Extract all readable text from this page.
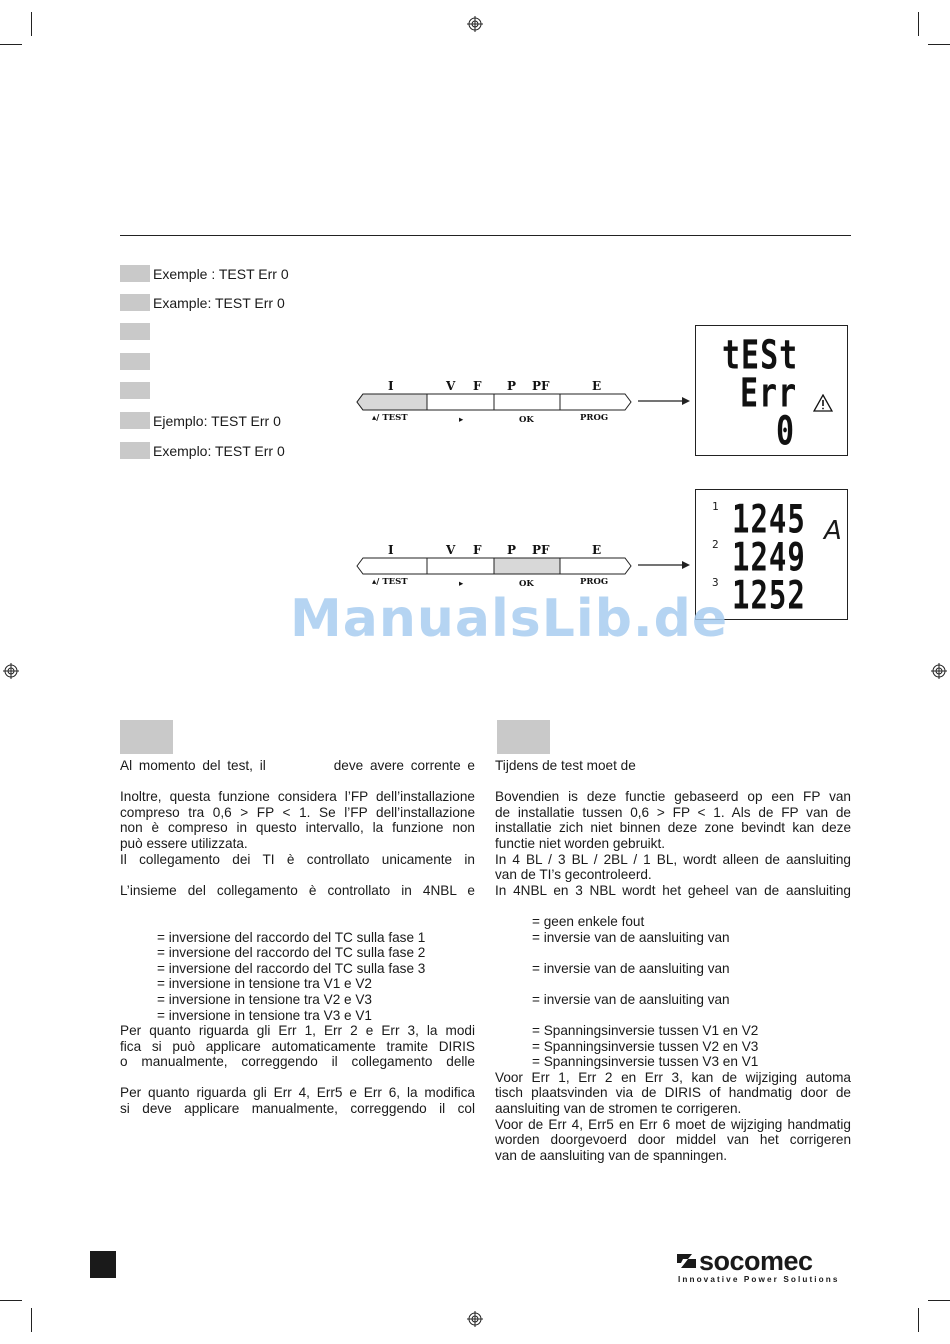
Exemple : TEST Err 0
Example: TEST Err 0
Ejemplo: TEST Err 0
Exemplo: TEST Err 0
I	V F P PF	E
▴/ TEST	▸	OK	PROG
tESt
Err
0
I	V F P PF	E
▴/ TEST	▸	OK	PROG
1 1245
2 1249
3 1252
A
ManualsLib.de

Al momento del test, il          deve avere corrente e

Inoltre, questa funzione considera l’FP dell’installazione

compreso tra 0,6 > FP < 1. Se l’FP dell’installazione

non è compreso in questo intervallo, la funzione non

può essere utilizzata.

Il collegamento dei TI è controllato unicamente in

L’insieme del collegamento è controllato in 4NBL e

= inversione del raccordo del TC sulla fase 1

= inversione del raccordo del TC sulla fase 2

= inversione del raccordo del TC sulla fase 3

= inversione in tensione tra V1 e V2

= inversione in tensione tra V2 e V3

= inversione in tensione tra V3 e V1

Per quanto riguarda gli Err 1, Err 2 e Err 3, la modi

fica si può applicare automaticamente tramite DIRIS

o manualmente, correggendo il collegamento delle

Per quanto riguarda gli Err 4, Err5 e Err 6, la modifica

si deve applicare manualmente, correggendo il col

Tijdens de test moet de

Bovendien is deze functie gebaseerd op een FP van

de installatie tussen 0,6 > FP < 1. Als de FP van de

installatie zich niet binnen deze zone bevindt kan deze

functie niet worden gebruikt.

In 4 BL / 3 BL / 2BL / 1 BL, wordt alleen de aansluiting

van de TI’s gecontroleerd.

In 4NBL en 3 NBL wordt het geheel van de aansluiting

= geen enkele fout

= inversie van de aansluiting van

= inversie van de aansluiting van

= inversie van de aansluiting van

= Spanningsinversie tussen V1 en V2

= Spanningsinversie tussen V2 en V3

= Spanningsinversie tussen V3 en V1

Voor Err 1, Err 2 en Err 3, kan de wijziging automa

tisch plaatsvinden via de DIRIS of handmatig door de

aansluiting van de stromen te corrigeren.

Voor de Err 4, Err5 en Err 6 moet de wijziging handmatig

worden doorgevoerd door middel van het corrigeren

van de aansluiting van de spanningen.

socomec
Innovative Power Solutions
